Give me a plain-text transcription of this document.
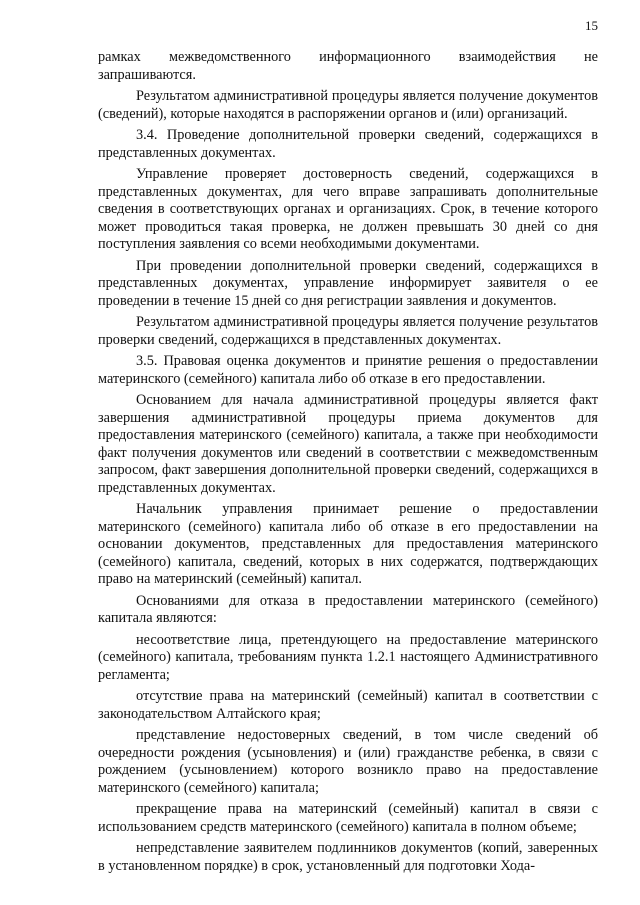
15

рамках межведомственного информационного взаимодействия не запрашиваются.

Результатом административной процедуры является получение документов (сведений), которые находятся в распоряжении органов и (или) организаций.

3.4. Проведение дополнительной проверки сведений, содержащихся в представленных документах.

Управление проверяет достоверность сведений, содержащихся в представленных документах, для чего вправе запрашивать дополнительные сведения в соответствующих органах и организациях. Срок, в течение которого может проводиться такая проверка, не должен превышать 30 дней со дня поступления заявления со всеми необходимыми документами.

При проведении дополнительной проверки сведений, содержащихся в представленных документах, управление информирует заявителя о ее проведении в течение 15 дней со дня регистрации заявления и документов.

Результатом административной процедуры является получение результатов проверки сведений, содержащихся в представленных документах.

3.5. Правовая оценка документов и принятие решения о предоставлении материнского (семейного) капитала либо об отказе в его предоставлении.

Основанием для начала административной процедуры является факт завершения административной процедуры приема документов для предоставления материнского (семейного) капитала, а также при необходимости факт получения документов или сведений в соответствии с межведомственным запросом, факт завершения дополнительной проверки сведений, содержащихся в представленных документах.

Начальник управления принимает решение о предоставлении материнского (семейного) капитала либо об отказе в его предоставлении на основании документов, представленных для предоставления материнского (семейного) капитала, сведений, которых в них содержатся, подтверждающих право на материнский (семейный) капитал.

Основаниями для отказа в предоставлении материнского (семейного) капитала являются:

несоответствие лица, претендующего на предоставление материнского (семейного) капитала, требованиям пункта 1.2.1 настоящего Административного регламента;

отсутствие права на материнский (семейный) капитал в соответствии с законодательством Алтайского края;

представление недостоверных сведений, в том числе сведений об очередности рождения (усыновления) и (или) гражданстве ребенка, в связи с рождением (усыновлением) которого возникло право на предоставление материнского (семейного) капитала;

прекращение права на материнский (семейный) капитал в связи с использованием средств материнского (семейного) капитала в полном объеме;

непредставление заявителем подлинников документов (копий, заверенных в установленном порядке) в срок, установленный для подготовки Хода-
